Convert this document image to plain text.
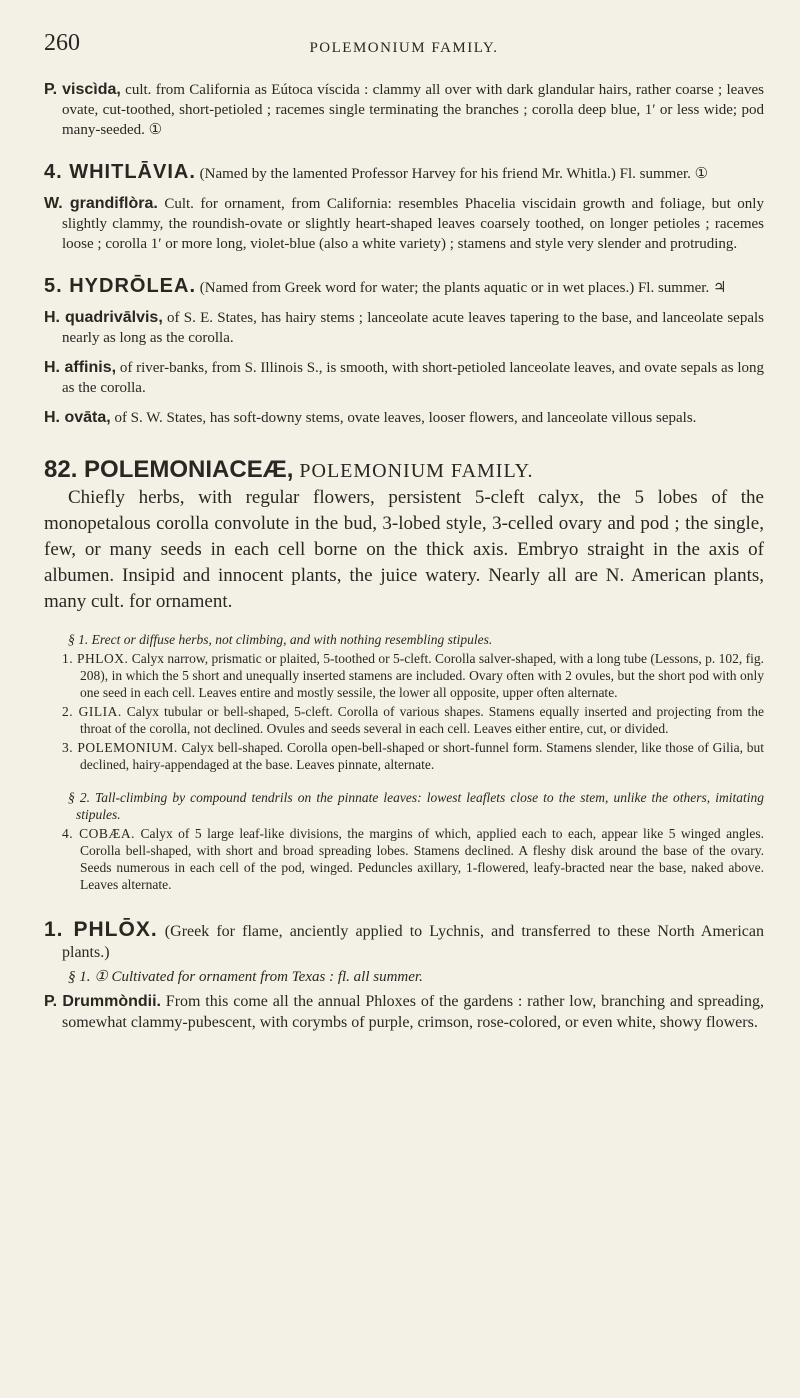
260	POLEMONIUM FAMILY.

P. viscìda, cult. from California as Eútoca víscida : clammy all over with dark glandular hairs, rather coarse ; leaves ovate, cut-toothed, short-petioled ; racemes single terminating the branches ; corolla deep blue, 1′ or less wide; pod many-seeded. ①

4. WHITLĀVIA. (Named by the lamented Professor Harvey for his friend Mr. Whitla.) Fl. summer. ①

W. grandiflòra. Cult. for ornament, from California: resembles Phacelia viscidain growth and foliage, but only slightly clammy, the roundish-ovate or slightly heart-shaped leaves coarsely toothed, on longer petioles ; racemes loose ; corolla 1′ or more long, violet-blue (also a white variety) ; stamens and style very slender and protruding.

5. HYDRŌLEA. (Named from Greek word for water; the plants aquatic or in wet places.) Fl. summer. ♃

H. quadrivālvis, of S. E. States, has hairy stems ; lanceolate acute leaves tapering to the base, and lanceolate sepals nearly as long as the corolla.

H. affinis, of river-banks, from S. Illinois S., is smooth, with short-petioled lanceolate leaves, and ovate sepals as long as the corolla.

H. ovāta, of S. W. States, has soft-downy stems, ovate leaves, looser flowers, and lanceolate villous sepals.

82. POLEMONIACEÆ, POLEMONIUM FAMILY.

Chiefly herbs, with regular flowers, persistent 5-cleft calyx, the 5 lobes of the monopetalous corolla convolute in the bud, 3-lobed style, 3-celled ovary and pod ; the single, few, or many seeds in each cell borne on the thick axis. Embryo straight in the axis of albumen. Insipid and innocent plants, the juice watery. Nearly all are N. American plants, many cult. for ornament.

§ 1. Erect or diffuse herbs, not climbing, and with nothing resembling stipules.

1. PHLOX. Calyx narrow, prismatic or plaited, 5-toothed or 5-cleft. Corolla salver-shaped, with a long tube (Lessons, p. 102, fig. 208), in which the 5 short and unequally inserted stamens are included. Ovary often with 2 ovules, but the short pod with only one seed in each cell. Leaves entire and mostly sessile, the lower all opposite, upper often alternate.

2. GILIA. Calyx tubular or bell-shaped, 5-cleft. Corolla of various shapes. Stamens equally inserted and projecting from the throat of the corolla, not declined. Ovules and seeds several in each cell. Leaves either entire, cut, or divided.

3. POLEMONIUM. Calyx bell-shaped. Corolla open-bell-shaped or short-funnel form. Stamens slender, like those of Gilia, but declined, hairy-appendaged at the base. Leaves pinnate, alternate.

§ 2. Tall-climbing by compound tendrils on the pinnate leaves: lowest leaflets close to the stem, unlike the others, imitating stipules.

4. COBÆA. Calyx of 5 large leaf-like divisions, the margins of which, applied each to each, appear like 5 winged angles. Corolla bell-shaped, with short and broad spreading lobes. Stamens declined. A fleshy disk around the base of the ovary. Seeds numerous in each cell of the pod, winged. Peduncles axillary, 1-flowered, leafy-bracted near the base, naked above. Leaves alternate.

1. PHLŌX. (Greek for flame, anciently applied to Lychnis, and transferred to these North American plants.)

§ 1. ① Cultivated for ornament from Texas : fl. all summer.

P. Drummòndii. From this come all the annual Phloxes of the gardens : rather low, branching and spreading, somewhat clammy-pubescent, with corymbs of purple, crimson, rose-colored, or even white, showy flowers.
